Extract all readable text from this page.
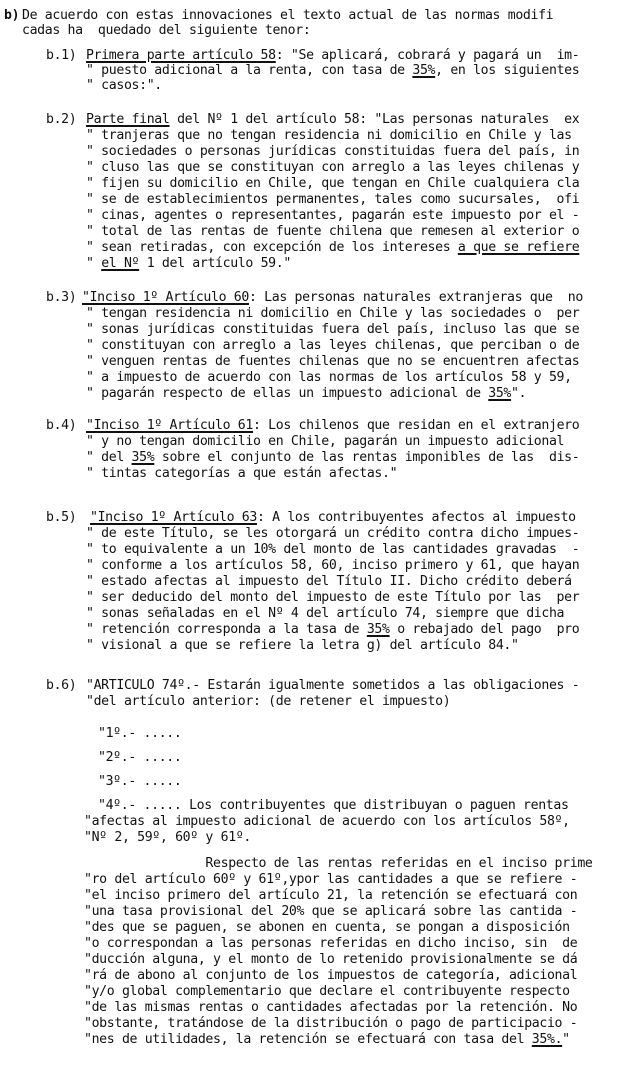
b) De acuerdo con estas innovaciones el texto actual de las normas modifi
cadas ha  quedado del siguiente tenor:
b.1) Primera parte artículo 58: "Se aplicará, cobrará y pagará un  im-
" puesto adicional a la renta, con tasa de 35%, en los siguientes
" casos:".
b.2) Parte final del Nº 1 del artículo 58: "Las personas naturales  ex
" tranjeras que no tengan residencia ni domicilio en Chile y las
" sociedades o personas jurídicas constituidas fuera del país, in
" cluso las que se constituyan con arreglo a las leyes chilenas y
" fijen su domicilio en Chile, que tengan en Chile cualquiera cla
" se de establecimientos permanentes, tales como sucursales,  ofi
" cinas, agentes o representantes, pagarán este impuesto por el -
" total de las rentas de fuente chilena que remesen al exterior o
" sean retiradas, con excepción de los intereses a que se refiere
" el Nº 1 del artículo 59."
b.3) "Inciso 1º Artículo 60: Las personas naturales extranjeras que  no
" tengan residencia ni domicilio en Chile y las sociedades o  per
" sonas jurídicas constituidas fuera del país, incluso las que se
" constituyan con arreglo a las leyes chilenas, que perciban o de
" venguen rentas de fuentes chilenas que no se encuentren afectas
" a impuesto de acuerdo con las normas de los artículos 58 y 59,
" pagarán respecto de ellas un impuesto adicional de 35%".
b.4) "Inciso 1º Artículo 61: Los chilenos que residan en el extranjero
" y no tengan domicilio en Chile, pagarán un impuesto adicional
" del 35% sobre el conjunto de las rentas imponibles de las  dis-
" tintas categorías a que están afectas."
b.5) "Inciso 1º Artículo 63: A los contribuyentes afectos al impuesto
" de este Título, se les otorgará un crédito contra dicho impues-
" to equivalente a un 10% del monto de las cantidades gravadas  -
" conforme a los artículos 58, 60, inciso primero y 61, que hayan
" estado afectas al impuesto del Título II. Dicho crédito deberá
" ser deducido del monto del impuesto de este Título por las  per
" sonas señaladas en el Nº 4 del artículo 74, siempre que dicha
" retención corresponda a la tasa de 35% o rebajado del pago  pro
" visional a que se refiere la letra g) del artículo 84."
b.6) "ARTICULO 74º.- Estarán igualmente sometidos a las obligaciones -
"del artículo anterior: (de retener el impuesto)
"1º.- .....
"2º.- .....
"3º.- .....
"4º.- ..... Los contribuyentes que distribuyan o paguen rentas
"afectas al impuesto adicional de acuerdo con los artículos 58º,
"Nº 2, 59º, 60º y 61º.
Respecto de las rentas referidas en el inciso prime
"ro del artículo 60º y 61º,ypor las cantidades a que se refiere -
"el inciso primero del artículo 21, la retención se efectuará con
"una tasa provisional del 20% que se aplicará sobre las cantida -
"des que se paguen, se abonen en cuenta, se pongan a disposición
"o correspondan a las personas referidas en dicho inciso, sin  de
"ducción alguna, y el monto de lo retenido provisionalmente se dá
"rá de abono al conjunto de los impuestos de categoría, adicional
"y/o global complementario que declare el contribuyente respecto
"de las mismas rentas o cantidades afectadas por la retención. No
"obstante, tratándose de la distribución o pago de participacio -
"nes de utilidades, la retención se efectuará con tasa del 35%."
